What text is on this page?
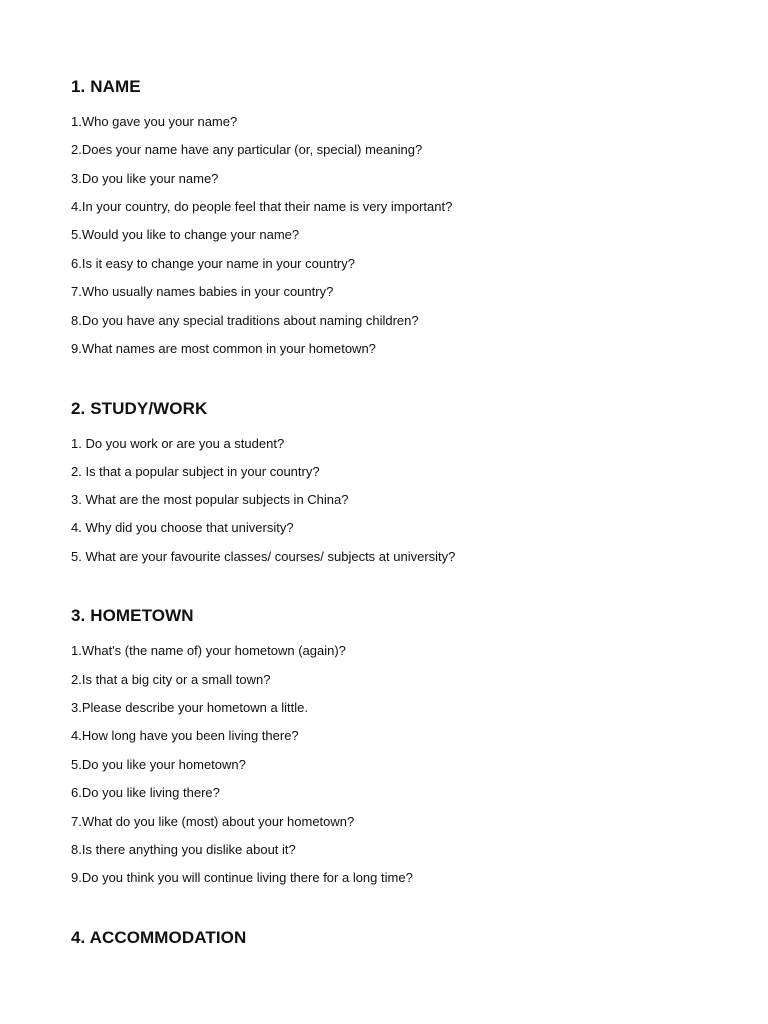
1. NAME

1.Who gave you your name?

2.Does your name have any particular (or, special) meaning?

3.Do you like your name?

4.In your country, do people feel that their name is very important?

5.Would you like to change your name?

6.Is it easy to change your name in your country?

7.Who usually names babies in your country?

8.Do you have any special traditions about naming children?

9.What names are most common in your hometown?

2. STUDY/WORK

1. Do you work or are you a student?

2. Is that a popular subject in your country?

3. What are the most popular subjects in China?

4. Why did you choose that university?

5. What are your favourite classes/ courses/ subjects at university?

3. HOMETOWN

1.What's (the name of) your hometown (again)?

2.Is that a big city or a small town?

3.Please describe your hometown a little.

4.How long have you been living there?

5.Do you like your hometown?

6.Do you like living there?

7.What do you like (most) about your hometown?

8.Is there anything you dislike about it?

9.Do you think you will continue living there for a long time?

4. ACCOMMODATION
